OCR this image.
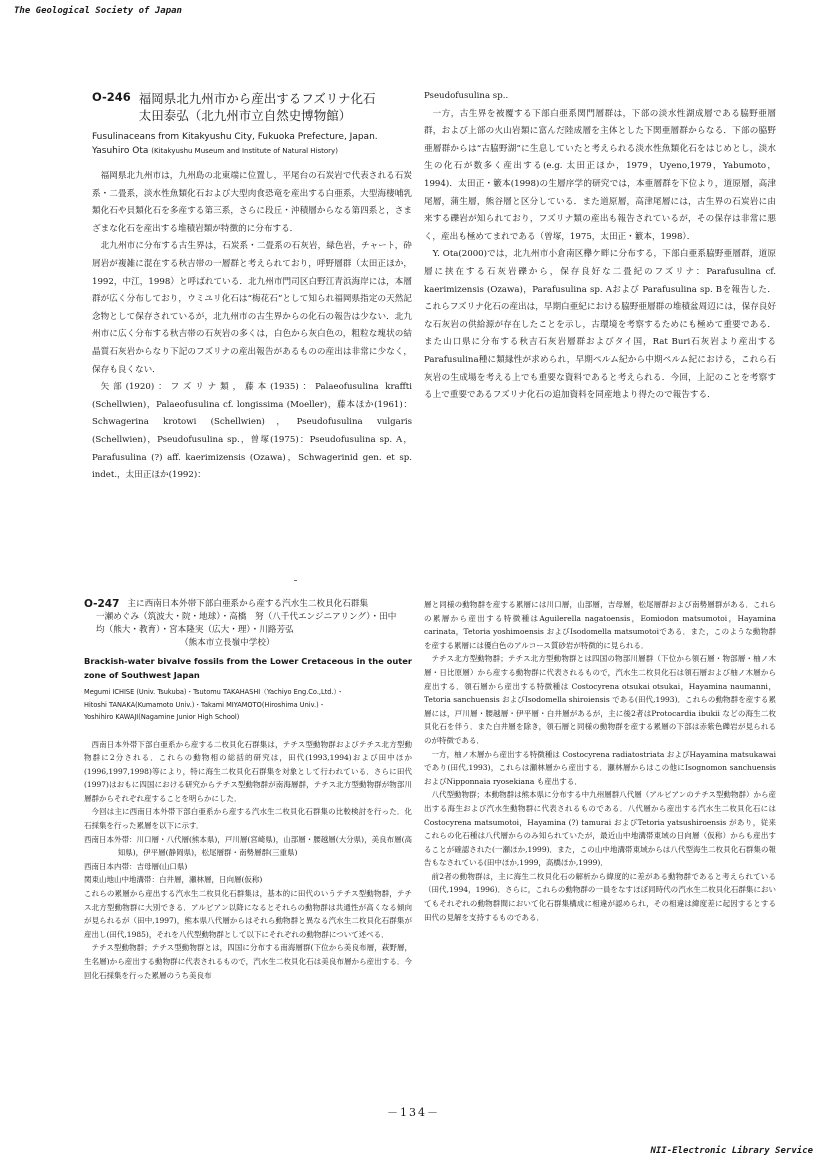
The Geological Society of Japan
O-246 福岡県北九州市から産出するフズリナ化石
太田泰弘（北九州市立自然史博物館）
Fusulinaceans from Kitakyushu City, Fukuoka Prefecture, Japan.
Yasuhiro Ota (Kitakyushu Museum and Institute of Natural History)

福岡県北九州市は，九州島の北東端に位置し，平尾台の石炭岩で代表される石炭系・二畳系，淡水性魚類化石および大型肉食恐竜を産出する白亜系，大型海棲哺乳類化石や貝類化石を多産する第三系，さらに段丘・沖積層からなる第四系と，さまざまな化石を産出する堆積岩類が特徴的に分布する．

北九州市に分布する古生界は，石炭系・二畳系の石灰岩，緑色岩，チャート，砕屑岩が複雑に混在する秋吉帯の一層群と考えられており，呼野層群（太田正ほか，1992，中江，1998）と呼ばれている．北九州市門司区白野江青浜海岸には，本層群が広く分布しており，ウミユリ化石は“梅花石”として知られ福岡県指定の天然記念物として保存されているが，北九州市の古生界からの化石の報告は少ない．北九州市に広く分布する秋吉帯の石灰岩の多くは，白色から灰白色の，粗粒な塊状の結晶質石灰岩からなり下記のフズリナの産出報告があるものの産出は非常に少なく，保存も良くない．

矢部(1920)：フズリナ類，藤本(1935)：Palaeofusulina kraffti (Schellwien)，Palaeofusulina cf. longissima (Moeller)，藤本ほか(1961)：Schwagerina krotowi (Schellwien)，Pseudofusulina vulgaris (Schellwien)，Pseudofusulina sp.，曽塚(1975)：Pseudofusulina sp. A，Parafusulina (?) aff. kaerimizensis (Ozawa)，Schwagerinid gen. et sp. indet.，太田正ほか(1992)：

Pseudofusulina sp..

一方，古生界を被覆する下部白亜系関門層群は，下部の淡水性湖成層である脇野亜層群，および上部の火山岩類に富んだ陸成層を主体とした下関亜層群からなる．下部の脇野亜層群からは“古脇野湖”に生息していたと考えられる淡水性魚類化石をはじめとし，淡水生の化石が数多く産出する(e.g. 太田正ほか，1979，Uyeno,1979，Yabumoto，1994)．太田正・籔本(1998)の生層序学的研究では，本亜層群を下位より，道原層，高津尾層，蒲生層，熊谷層と区分している．また道原層，高津尾層には，古生界の石炭岩に由来する礫岩が知られており，フズリナ類の産出も報告されているが，その保存は非常に悪く，産出も極めてまれである（曽塚，1975，太田正・籔本，1998）．

Y. Ota(2000)では，北九州市小倉南区欅ケ畔に分布する，下部白亜系脇野亜層群，道原層に挟在する石灰岩礫から，保存良好な二畳紀のフズリナ：Parafusulina cf. kaerimizensis (Ozawa)，Parafusulina sp. Aおよび Parafusulina sp. Bを報告した．これらフズリナ化石の産出は，早期白亜紀における脇野亜層群の堆積盆周辺には，保存良好な石灰岩の供給源が存在したことを示し，古環境を考察するためにも極めて重要である．また山口県に分布する秋吉石灰岩層群およびタイ国，Rat Buri石灰岩より産出するParafusulina種に類縁性が求められ，早期ペルム紀から中期ペルム紀における，これら石灰岩の生成場を考える上でも重要な資料であると考えられる．今回，上記のことを考察する上で重要であるフズリナ化石の追加資料を同産地より得たので報告する．

O-247 主に西南日本外帯下部白亜系から産する汽水生二枚貝化石群集
一瀬めぐみ（筑波大・院・地球）・高橋　努（八千代エンジニアリング）・田中　均（熊大・教育）・宮本隆実（広大・理）・川路芳弘
（熊本市立長嶺中学校）
Brackish-water bivalve fossils from the Lower Cretaceous in the outer zone of Southwest Japan
Megumi ICHISE (Univ. Tsukuba)・Tsutomu TAKAHASHI（Yachiyo Eng.Co.,Ltd.）・
Hitoshi TANAKA(Kumamoto Univ.)・Takami MIYAMOTO(Hiroshima Univ.)・
Yoshihiro KAWAJI(Nagamine Junior High School)

西南日本外帯下部白亜系から産する二枚貝化石群集は，テチス型動物群およびテチス北方型動物群に2分される．これらの動物相の総括的研究は，田代(1993,1994)および田中ほか(1996,1997,1998)等により，特に海生二枚貝化石群集を対象として行われている．さらに田代(1997)はおもに四国における研究からテチス型動物群が南海層群，テチス北方型動物群が物部川層群からそれぞれ産することを明らかにした．

今回は主に西南日本外帯下部白亜系から産する汽水生二枚貝化石群集の比較検討を行った．化石採集を行った累層を以下に示す．

西南日本外帯：川口層・八代層(熊本県)，戸川層(宮崎県)，山部層・腰越層(大分県)，美良布層(高知県)，伊平層(静岡県)，松尾層群・南勢層群(三重県)

西南日本内帯：吉母層(山口県)

関東山地山中地溝帯：白井層，瀬林層，日向層(仮称)

これらの累層から産出する汽水生二枚貝化石群集は，基本的に田代のいうテチス型動物群，テチス北方型動物群に大別できる．アルビアン以降になるとそれらの動物群は共通性が高くなる傾向が見られるが（田中,1997)，熊本県八代層からはそれら動物群と異なる汽水生二枚貝化石群集が産出し(田代,1985)，それを八代型動物群として以下にそれぞれの動物群について述べる．

テチス型動物群；テチス型動物群とは，四国に分布する南海層群(下位から美良布層，萩野層，生名層)から産出する動物群に代表されるもので，汽水生二枚貝化石は美良布層から産出する．今回化石採集を行った累層のうち美良布

層と同様の動物群を産する累層には川口層，山部層，吉母層，松尾層群および南勢層群がある．これらの累層から産出する特徴種はAguilerella nagatoensis，Eomiodon matsumotoi，Hayamina carinata，Tetoria yoshimoensis およびIsodomella matsumotoiである．また，このような動物群を産する累層には優白色のアルコース質砂岩が特徴的に見られる．

テチス北方型動物群；テチス北方型動物群とは四国の物部川層群（下位から領石層・物部層・柚ノ木層・日比原層）から産する動物群に代表されるもので，汽水生二枚貝化石は領石層および柚ノ木層から産出する．領石層から産出する特徴種は Costocyrena otsukai otsukai，Hayamina naumanni，Tetoria sanchuensis およびIsodomella shiroiensis である(田代,1993)．これらの動物群を産する累層には，戸川層・腰越層・伊平層・白井層があるが，主に後2者はProtocardia ibukii などの海生二枚貝化石を伴う．また白井層を除き，領石層と同様の動物群を産する累層の下部は赤紫色礫岩が見られるのが特徴である．

一方，柚ノ木層から産出する特徴種は Costocyrena radiatostriata およびHayamina matsukawai であり(田代,1993)，これらは瀬林層から産出する．瀬林層からはこの他にIsognomon sanchuensis およびNipponnaia ryosekiana も産出する．

八代型動物群；本動物群は熊本県に分布する中九州層群八代層（アルビアンのテチス型動物群）から産出する海生および汽水生動物群に代表されるものである．八代層から産出する汽水生二枚貝化石には Costocyrena matsumotoi，Hayamina (?) tamurai およびTetoria yatsushiroensis があり，従来これらの化石種は八代層からのみ知られていたが，最近山中地溝帯東域の日向層（仮称）からも産出することが確認された(一瀬ほか,1999)．また，この山中地溝帯東域からは八代型海生二枚貝化石群集の報告もなされている(田中ほか,1999，高橋ほか,1999)．

前2者の動物群は，主に海生二枚貝化石の解析から緯度的に差がある動物群であると考えられている（田代,1994，1996)．さらに，これらの動物群の一員をなすほぼ同時代の汽水生二枚貝化石群集においてもそれぞれの動物群間において化石群集構成に相違が認められ，その相違は緯度差に起因するとする田代の見解を支持するものである．

－134－
NII-Electronic Library Service
